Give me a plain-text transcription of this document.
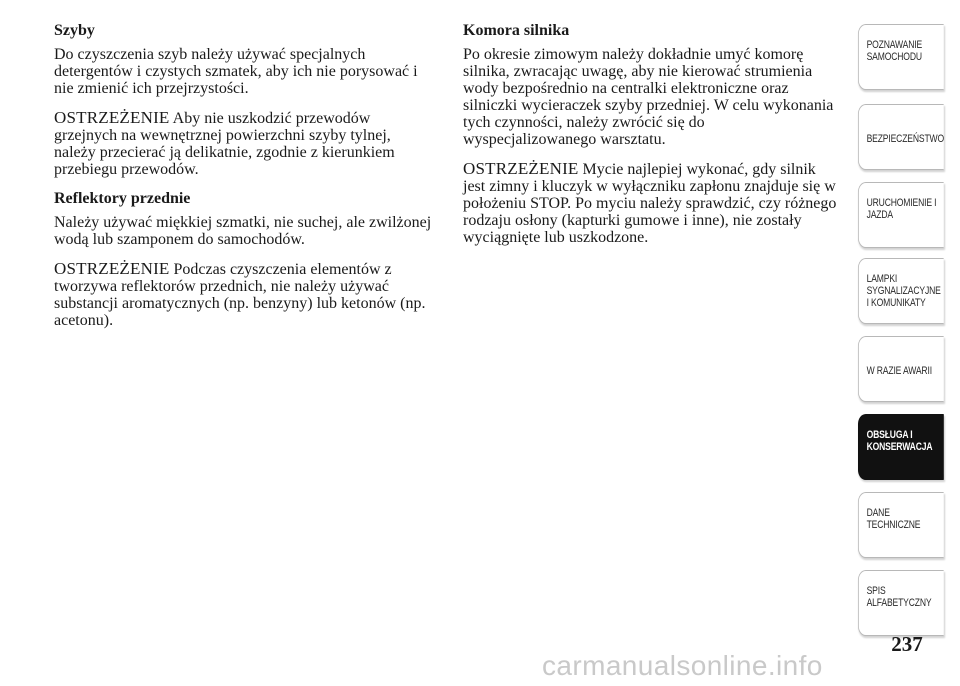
Szyby

Do czyszczenia szyb należy używać specjalnych detergentów i czystych szmatek, aby ich nie porysować i nie zmienić ich przejrzystości.

OSTRZEŻENIE Aby nie uszkodzić przewodów grzejnych na wewnętrznej powierzchni szyby tylnej, należy przecierać ją delikatnie, zgodnie z kierunkiem przebiegu przewodów.

Reflektory przednie

Należy używać miękkiej szmatki, nie suchej, ale zwilżonej wodą lub szamponem do samochodów.

OSTRZEŻENIE Podczas czyszczenia elementów z tworzywa reflektorów przednich, nie należy używać substancji aromatycznych (np. benzyny) lub ketonów (np. acetonu).

Komora silnika

Po okresie zimowym należy dokładnie umyć komorę silnika, zwracając uwagę, aby nie kierować strumienia wody bezpośrednio na centralki elektroniczne oraz silniczki wycieraczek szyby przedniej. W celu wykonania tych czynności, należy zwrócić się do wyspecjalizowanego warsztatu.

OSTRZEŻENIE Mycie najlepiej wykonać, gdy silnik jest zimny i kluczyk w wyłączniku zapłonu znajduje się w położeniu STOP. Po myciu należy sprawdzić, czy różnego rodzaju osłony (kapturki gumowe i inne), nie zostały wyciągnięte lub uszkodzone.

POZNAWANIE
SAMOCHODU
BEZPIECZEŃSTWO
URUCHOMIENIE I
JAZDA
LAMPKI
SYGNALIZACYJNE
I KOMUNIKATY
W RAZIE AWARII
OBSŁUGA I
KONSERWACJA
DANE
TECHNICZNE
SPIS
ALFABETYCZNY
237
carmanualsonline.info
